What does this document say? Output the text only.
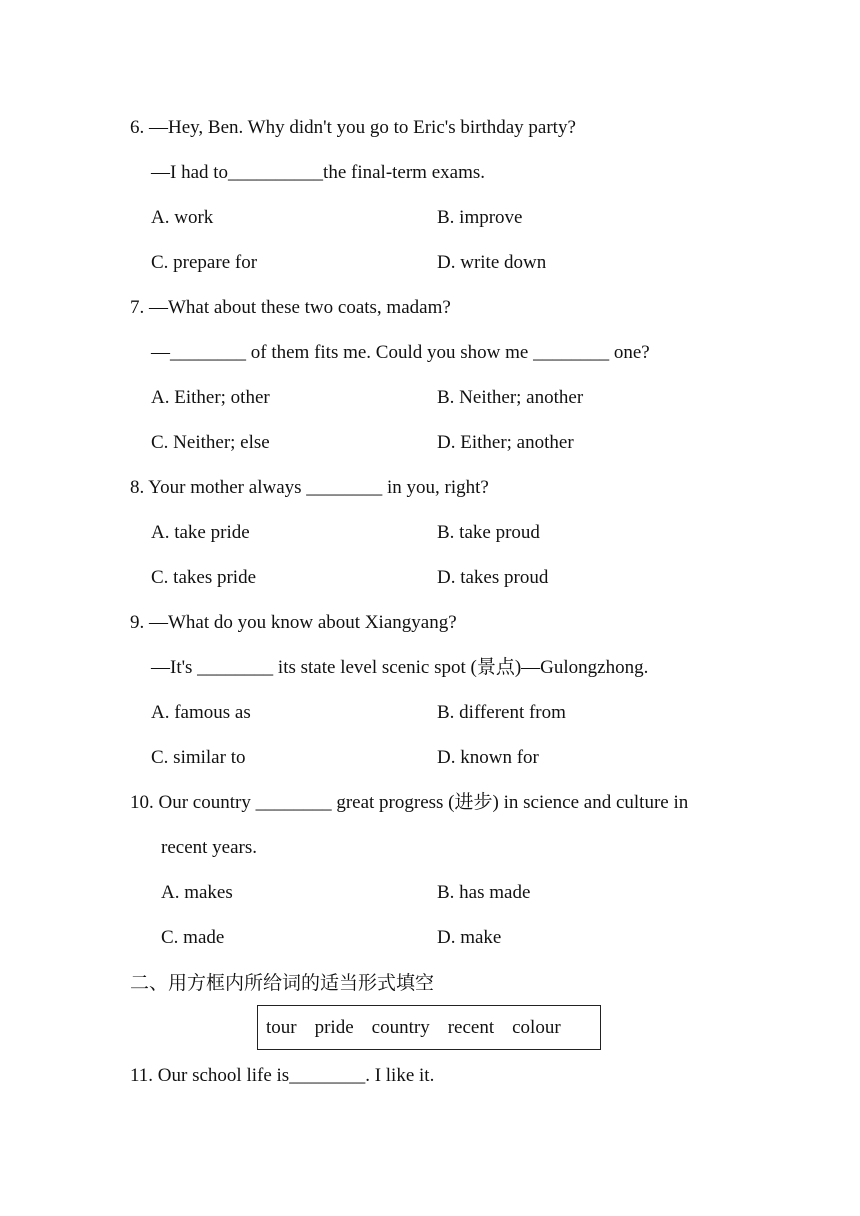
6. —Hey, Ben. Why didn't you go to Eric's birthday party?
—I had to__________the final-term exams.
A. work	B. improve
C. prepare for	D. write down
7. —What about these two coats, madam?
—________ of them fits me. Could you show me ________ one?
A. Either; other	B. Neither; another
C. Neither; else	D. Either; another
8. Your mother always ________ in you, right?
A. take pride	B. take proud
C. takes pride	D. takes proud
9. —What do you know about Xiangyang?
—It's ________ its state level scenic spot (景点)—Gulongzhong.
A. famous as	B. different from
C. similar to	D. known for
10. Our country ________ great progress (进步) in science and culture in
recent years.
A. makes	B. has made
C. made	D. make
二、用方框内所给词的适当形式填空
tour pride country recent colour
11. Our school life is________. I like it.
